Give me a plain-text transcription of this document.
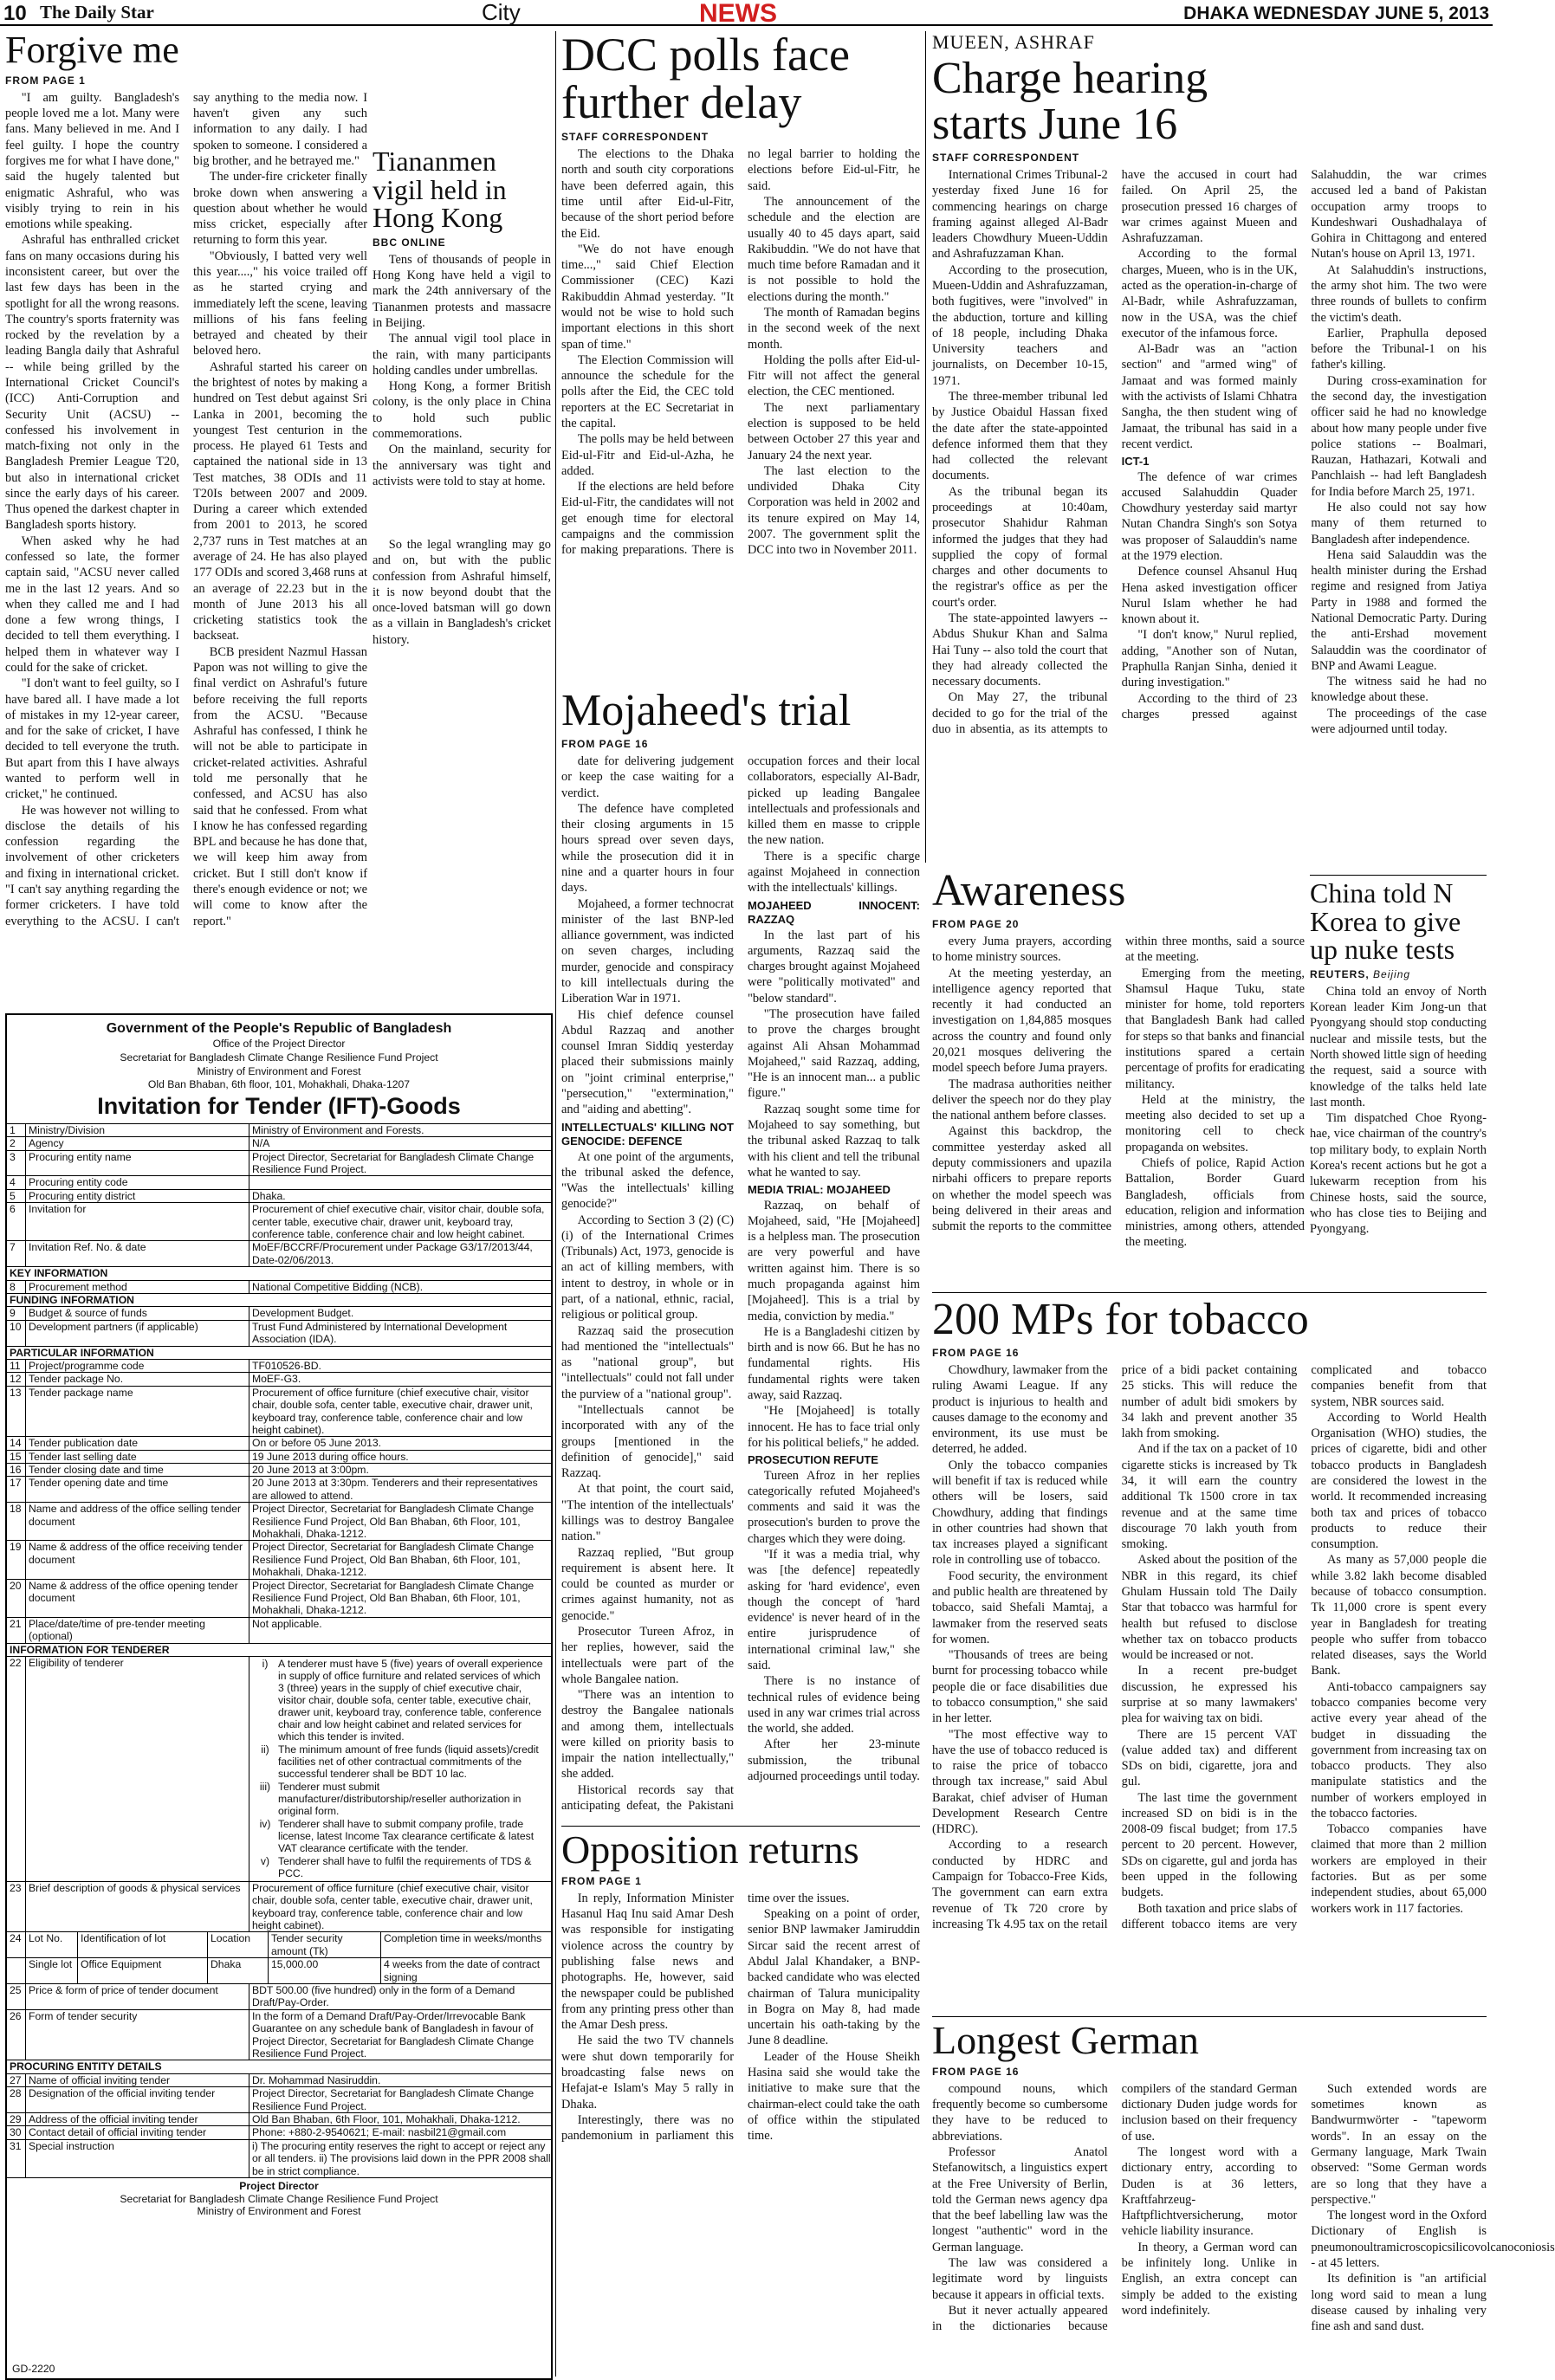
10 The Daily Star	City	NEWS	DHAKA WEDNESDAY JUNE 5, 2013
Forgive me
FROM PAGE 1

"I am guilty. Bangladesh's people loved me a lot. Many were fans. Many believed in me. And I feel guilty. I hope the country forgives me for what I have done," said the hugely talented but enigmatic Ashraful, who was visibly trying to rein in his emotions while speaking.

Ashraful has enthralled cricket fans on many occasions during his inconsistent career, but over the last few days has been in the spotlight for all the wrong reasons. The country's sports fraternity was rocked by the revelation by a leading Bangla daily that Ashraful -- while being grilled by the International Cricket Council's (ICC) Anti-Corruption and Security Unit (ACSU) -- confessed his involvement in match-fixing not only in the Bangladesh Premier League T20, but also in international cricket since the early days of his career. Thus opened the darkest chapter in Bangladesh sports history.

When asked why he had confessed so late, the former captain said, "ACSU never called me in the last 12 years. And so when they called me and I had done a few wrong things, I decided to tell them everything. I helped them in whatever way I could for the sake of cricket.

"I don't want to feel guilty, so I have bared all. I have made a lot of mistakes in my 12-year career, and for the sake of cricket, I have decided to tell everyone the truth. But apart from this I have always wanted to perform well in cricket," he continued.

He was however not willing to disclose the details of his confession regarding the involvement of other cricketers and fixing in international cricket. "I can't say anything regarding the former cricketers. I have told everything to the ACSU. I can't say anything to the media now. I haven't given any such information to any daily. I had spoken to someone. I considered a big brother, and he betrayed me."

The under-fire cricketer finally broke down when answering a question about whether he would miss cricket, especially after returning to form this year.

"Obviously, I batted very well this year....," his voice trailed off as he started crying and immediately left the scene, leaving millions of his fans feeling betrayed and cheated by their beloved hero.

Ashraful started his career on the brightest of notes by making a hundred on Test debut against Sri Lanka in 2001, becoming the youngest Test centurion in the process. He played 61 Tests and captained the national side in 13 Test matches, 38 ODIs and 11 T20Is between 2007 and 2009. During a career which extended from 2001 to 2013, he scored 2,737 runs in Test matches at an average of 24. He has also played 177 ODIs and scored 3,468 runs at an average of 22.23 but in the month of June 2013 his all cricketing statistics took the backseat.

BCB president Nazmul Hassan Papon was not willing to give the final verdict on Ashraful's future before receiving the full reports from the ACSU. "Because Ashraful has confessed, I think he will not be able to participate in cricket-related activities. Ashraful told me personally that he confessed, and ACSU has also said that he confessed. From what I know he has confessed regarding BPL and because he has done that, we will keep him away from cricket. But I still don't know if there's enough evidence or not; we will come to know after the report."

So the legal wrangling may go and on, but with the public confession from Ashraful himself, it is now beyond doubt that the once-loved batsman will go down as a villain in Bangladesh's cricket history.

Tiananmen vigil held in Hong Kong
BBC ONLINE

Tens of thousands of people in Hong Kong have held a vigil to mark the 24th anniversary of the Tiananmen protests and massacre in Beijing.

The annual vigil tool place in the rain, with many participants holding candles under umbrellas.

Hong Kong, a former British colony, is the only place in China to hold such public commemorations.

On the mainland, security for the anniversary was tight and activists were told to stay at home.

Government of the People's Republic of Bangladesh
Office of the Project Director
Secretariat for Bangladesh Climate Change Resilience Fund Project
Ministry of Environment and Forest
Old Ban Bhaban, 6th floor, 101, Mohakhali, Dhaka-1207
Invitation for Tender (IFT)-Goods
1	Ministry/Division	Ministry of Environment and Forests.
2	Agency	N/A
3	Procuring entity name	Project Director, Secretariat for Bangladesh Climate Change Resilience Fund Project.
4	Procuring entity code
5	Procuring entity district	Dhaka.
6	Invitation for	Procurement of chief executive chair, visitor chair, double sofa, center table, executive chair, drawer unit, keyboard tray, conference table, conference chair and low height cabinet.
7	Invitation Ref. No. & date	MoEF/BCCRF/Procurement under Package G3/17/2013/44, Date-02/06/2013.
KEY INFORMATION
8	Procurement method	National Competitive Bidding (NCB).
FUNDING INFORMATION
9	Budget & source of funds	Development Budget.
10 Development partners (if applicable)	Trust Fund Administered by International Development Association (IDA).
PARTICULAR INFORMATION
11 Project/programme code	TF010526-BD.
12 Tender package No.	MoEF-G3.
13 Tender package name	Procurement of office furniture (chief executive chair, visitor chair, double sofa, center table, executive chair, drawer unit, keyboard tray, conference table, conference chair and low height cabinet).
14 Tender publication date	On or before 05 June 2013.
15 Tender last selling date	19 June 2013 during office hours.
16 Tender closing date and time	20 June 2013 at 3:00pm.
17 Tender opening date and time	20 June 2013 at 3:30pm. Tenderers and their representatives are allowed to attend.
18 Name and address of the office selling tender document
Project Director, Secretariat for Bangladesh Climate Change Resilience Fund Project, Old Ban Bhaban, 6th Floor, 101, Mohakhali, Dhaka-1212.
19 Name & address of the office receiving tender document
Project Director, Secretariat for Bangladesh Climate Change Resilience Fund Project, Old Ban Bhaban, 6th Floor, 101, Mohakhali, Dhaka-1212.
20 Name & address of the office opening tender document
Project Director, Secretariat for Bangladesh Climate Change Resilience Fund Project, Old Ban Bhaban, 6th Floor, 101, Mohakhali, Dhaka-1212.
21 Place/date/time of pre-tender meeting (optional)
Not applicable.
INFORMATION FOR TENDERER
22 Eligibility of tenderer	i) A tenderer must have 5 (five) years of overall experience in supply of office furniture and related services of which 3 (three) years in the supply of chief executive chair, visitor chair, double sofa, center table, executive chair, drawer unit, keyboard tray, conference table, conference chair and low height cabinet and related services for which this tender is invited.
ii) The minimum amount of free funds (liquid assets)/credit facilities net of other contractual commitments of the successful tenderer shall be BDT 10 lac.
iii) Tenderer must submit manufacturer/distributorship/reseller authorization in original form.
iv) Tenderer shall have to submit company profile, trade license, latest Income Tax clearance certificate & latest VAT clearance certificate with the tender.
v) Tenderer shall have to fulfil the requirements of TDS & PCC.
23 Brief description of goods & physical services	Procurement of office furniture (chief executive chair, visitor chair, double sofa, center table, executive chair, drawer unit, keyboard tray, conference table, conference chair and low height cabinet).
24 Lot No.	Identification of lot	Location	Tender security amount (Tk)
Completion time in weeks/months
Single lot Office Equipment	Dhaka	15,000.00	4 weeks from the date of contract signing
25 Price & form of price of tender document	BDT 500.00 (five hundred) only in the form of a Demand Draft/Pay-Order.
26 Form of tender security	In the form of a Demand Draft/Pay-Order/Irrevocable Bank Guarantee on any schedule bank of Bangladesh in favour of Project Director, Secretariat for Bangladesh Climate Change Resilience Fund Project.
PROCURING ENTITY DETAILS
27 Name of official inviting tender	Dr. Mohammad Nasiruddin.
28 Designation of the official inviting tender	Project Director, Secretariat for Bangladesh Climate Change Resilience Fund Project.
29 Address of the official inviting tender	Old Ban Bhaban, 6th Floor, 101, Mohakhali, Dhaka-1212.
30 Contact detail of official inviting tender	Phone: +880-2-9540621; E-mail: nasbil21@gmail.com
31 Special instruction	i) The procuring entity reserves the right to accept or reject any or all tenders. ii) The provisions laid down in the PPR 2008 shall be in strict compliance.
Project Director
Secretariat for Bangladesh Climate Change Resilience Fund Project
Ministry of Environment and Forest
GD-2220
DCC polls face further delay
STAFF CORRESPONDENT

The elections to the Dhaka north and south city corporations have been deferred again, this time until after Eid-ul-Fitr, because of the short period before the Eid.

"We do not have enough time...," said Chief Election Commissioner (CEC) Kazi Rakibuddin Ahmad yesterday. "It would not be wise to hold such important elections in this short span of time."

The Election Commission will announce the schedule for the polls after the Eid, the CEC told reporters at the EC Secretariat in the capital.

The polls may be held between Eid-ul-Fitr and Eid-ul-Azha, he added.

If the elections are held before Eid-ul-Fitr, the candidates will not get enough time for electoral campaigns and the commission for making preparations. There is no legal barrier to holding the elections before Eid-ul-Fitr, he said.

The announcement of the schedule and the election are usually 40 to 45 days apart, said Rakibuddin. "We do not have that much time before Ramadan and it is not possible to hold the elections during the month."

The month of Ramadan begins in the second week of the next month.

Holding the polls after Eid-ul-Fitr will not affect the general election, the CEC mentioned.

The next parliamentary election is supposed to be held between October 27 this year and January 24 the next year.

The last election to the undivided Dhaka City Corporation was held in 2002 and its tenure expired on May 14, 2007. The government split the DCC into two in November 2011.

MUEEN, ASHRAF
Charge hearing starts June 16
STAFF CORRESPONDENT

International Crimes Tribunal-2 yesterday fixed June 16 for commencing hearings on charge framing against alleged Al-Badr leaders Chowdhury Mueen-Uddin and Ashrafuzzaman Khan.

According to the prosecution, Mueen-Uddin and Ashrafuzzaman, both fugitives, were "involved" in the abduction, torture and killing of 18 people, including Dhaka University teachers and journalists, on December 10-15, 1971.

The three-member tribunal led by Justice Obaidul Hassan fixed the date after the state-appointed defence informed them that they had collected the relevant documents.

As the tribunal began its proceedings at 10:40am, prosecutor Shahidur Rahman informed the judges that they had supplied the copy of formal charges and other documents to the registrar's office as per the court's order.

The state-appointed lawyers -- Abdus Shukur Khan and Salma Hai Tuny -- also told the court that they had already collected the necessary documents.

On May 27, the tribunal decided to go for the trial of the duo in absentia, as its attempts to have the accused in court had failed. On April 25, the prosecution pressed 16 charges of war crimes against Mueen and Ashrafuzzaman.

According to the formal charges, Mueen, who is in the UK, acted as the operation-in-charge of Al-Badr, while Ashrafuzzaman, now in the USA, was the chief executor of the infamous force.

Al-Badr was an "action section" and "armed wing" of Jamaat and was formed mainly with the activists of Islami Chhatra Sangha, the then student wing of Jamaat, the tribunal has said in a recent verdict.

ICT-1

The defence of war crimes accused Salahuddin Quader Chowdhury yesterday said martyr Nutan Chandra Singh's son Sotya was proposer of Salauddin's name at the 1979 election.

Defence counsel Ahsanul Huq Hena asked investigation officer Nurul Islam whether he had known about it.

"I don't know," Nurul replied, adding, "Another son of Nutan, Praphulla Ranjan Sinha, denied it during investigation."

According to the third of 23 charges pressed against Salahuddin, the war crimes accused led a band of Pakistan occupation army troops to Kundeshwari Oushadhalaya of Gohira in Chittagong and entered Nutan's house on April 13, 1971.

At Salahuddin's instructions, the army shot him. The two were three rounds of bullets to confirm the victim's death.

Earlier, Praphulla deposed before the Tribunal-1 on his father's killing.

During cross-examination for the second day, the investigation officer said he had no knowledge about how many people under five police stations -- Boalmari, Rauzan, Hathazari, Kotwali and Panchlaish -- had left Bangladesh for India before March 25, 1971.

He also could not say how many of them returned to Bangladesh after independence.

Hena said Salauddin was the health minister during the Ershad regime and resigned from Jatiya Party in 1988 and formed the National Democratic Party. During the anti-Ershad movement Salauddin was the coordinator of BNP and Awami League.

The witness said he had no knowledge about these.

The proceedings of the case were adjourned until today.

Mojaheed's trial
FROM PAGE 16

date for delivering judgement or keep the case waiting for a verdict.

The defence have completed their closing arguments in 15 hours spread over seven days, while the prosecution did it in nine and a quarter hours in four days.

Mojaheed, a former technocrat minister of the last BNP-led alliance government, was indicted on seven charges, including murder, genocide and conspiracy to kill intellectuals during the Liberation War in 1971.

His chief defence counsel Abdul Razzaq and another counsel Imran Siddiq yesterday placed their submissions mainly on "joint criminal enterprise," "persecution," "extermination," and "aiding and abetting".

INTELLECTUALS' KILLING NOT GENOCIDE: DEFENCE

At one point of the arguments, the tribunal asked the defence, "Was the intellectuals' killing genocide?"

According to Section 3 (2) (C) (i) of the International Crimes (Tribunals) Act, 1973, genocide is an act of killing members, with intent to destroy, in whole or in part, of a national, ethnic, racial, religious or political group.

Razzaq said the prosecution had mentioned the "intellectuals" as "national group", but "intellectuals" could not fall under the purview of a "national group".

"Intellectuals cannot be incorporated with any of the groups [mentioned in the definition of genocide]," said Razzaq.

At that point, the court said, "The intention of the intellectuals' killings was to destroy Bangalee nation."

Razzaq replied, "But group requirement is absent here. It could be counted as murder or crimes against humanity, not as genocide."

Prosecutor Tureen Afroz, in her replies, however, said the intellectuals were part of the whole Bangalee nation.

"There was an intention to destroy the Bangalee nationals and among them, intellectuals were killed on priority basis to impair the nation intellectually," she added.

Historical records say that anticipating defeat, the Pakistani occupation forces and their local collaborators, especially Al-Badr, picked up leading Bangalee intellectuals and professionals and killed them en masse to cripple the new nation.

There is a specific charge against Mojaheed in connection with the intellectuals' killings.

MOJAHEED INNOCENT: RAZZAQ

In the last part of his arguments, Razzaq said the charges brought against Mojaheed were "politically motivated" and "below standard".

"The prosecution have failed to prove the charges brought against Ali Ahsan Mohammad Mojaheed," said Razzaq, adding, "He is an innocent man... a public figure."

Razzaq sought some time for Mojaheed to say something, but the tribunal asked Razzaq to talk with his client and tell the tribunal what he wanted to say.

MEDIA TRIAL: MOJAHEED

Razzaq, on behalf of Mojaheed, said, "He [Mojaheed] is a helpless man. The prosecution are very powerful and have written against him. There is so much propaganda against him [Mojaheed]. This is a trial by media, conviction by media."

He is a Bangladeshi citizen by birth and is now 66. But he has no fundamental rights. His fundamental rights were taken away, said Razzaq.

"He [Mojaheed] is totally innocent. He has to face trial only for his political beliefs," he added.

PROSECUTION REFUTE

Tureen Afroz in her replies categorically refuted Mojaheed's comments and said it was the prosecution's burden to prove the charges which they were doing.

"If it was a media trial, why was [the defence] repeatedly asking for 'hard evidence', even though the concept of 'hard evidence' is never heard of in the entire jurisprudence of international criminal law," she said.

There is no instance of technical rules of evidence being used in any war crimes trial across the world, she added.

After her 23-minute submission, the tribunal adjourned proceedings until today.

Awareness
FROM PAGE 20

every Juma prayers, according to home ministry sources.

At the meeting yesterday, an intelligence agency reported that recently it had conducted an investigation on 1,84,885 mosques across the country and found only 20,021 mosques delivering the model speech before Juma prayers.

The madrasa authorities neither deliver the speech nor do they play the national anthem before classes.

Against this backdrop, the committee yesterday asked all deputy commissioners and upazila nirbahi officers to prepare reports on whether the model speech was being delivered in their areas and submit the reports to the committee within three months, said a source at the meeting.

Emerging from the meeting, Shamsul Haque Tuku, state minister for home, told reporters that Bangladesh Bank had called for steps so that banks and financial institutions spared a certain percentage of profits for eradicating militancy.

Held at the ministry, the meeting also decided to set up a monitoring cell to check propaganda on websites.

Chiefs of police, Rapid Action Battalion, Border Guard Bangladesh, officials from education, religion and information ministries, among others, attended the meeting.

China told N Korea to give up nuke tests
REUTERS, Beijing

China told an envoy of North Korean leader Kim Jong-un that Pyongyang should stop conducting nuclear and missile tests, but the North showed little sign of heeding the request, said a source with knowledge of the talks held late last month.

Tim dispatched Choe Ryong-hae, vice chairman of the country's top military body, to explain North Korea's recent actions but he got a lukewarm reception from his Chinese hosts, said the source, who has close ties to Beijing and Pyongyang.

200 MPs for tobacco
FROM PAGE 16

Chowdhury, lawmaker from the ruling Awami League. If any product is injurious to health and causes damage to the economy and environment, its use must be deterred, he added.

Only the tobacco companies will benefit if tax is reduced while others will be losers, said Chowdhury, adding that findings in other countries had shown that tax increases played a significant role in controlling use of tobacco.

Food security, the environment and public health are threatened by tobacco, said Shefali Mamtaj, a lawmaker from the reserved seats for women.

"Thousands of trees are being burnt for processing tobacco while people die or face disabilities due to tobacco consumption," she said in her letter.

"The most effective way to have the use of tobacco reduced is to raise the price of tobacco through tax increase," said Abul Barakat, chief adviser of Human Development Research Centre (HDRC).

According to a research conducted by HDRC and Campaign for Tobacco-Free Kids, The government can earn extra revenue of Tk 720 crore by increasing Tk 4.95 tax on the retail price of a bidi packet containing 25 sticks. This will reduce the number of adult bidi smokers by 34 lakh and prevent another 35 lakh from smoking.

And if the tax on a packet of 10 cigarette sticks is increased by Tk 34, it will earn the country additional Tk 1500 crore in tax revenue and at the same time discourage 70 lakh youth from smoking.

Asked about the position of the NBR in this regard, its chief Ghulam Hussain told The Daily Star that tobacco was harmful for health but refused to disclose whether tax on tobacco products would be increased or not.

In a recent pre-budget discussion, he expressed his surprise at so many lawmakers' plea for waiving tax on bidi.

There are 15 percent VAT (value added tax) and different SDs on bidi, cigarette, jora and gul.

The last time the government increased SD on bidi is in the 2008-09 fiscal budget; from 17.5 percent to 20 percent. However, SDs on cigarette, gul and jorda has been upped in the following budgets.

Both taxation and price slabs of different tobacco items are very complicated and tobacco companies benefit from that system, NBR sources said.

According to World Health Organisation (WHO) studies, the prices of cigarette, bidi and other tobacco products in Bangladesh are considered the lowest in the world. It recommended increasing both tax and prices of tobacco products to reduce their consumption.

As many as 57,000 people die while 3.82 lakh become disabled because of tobacco consumption. Tk 11,000 crore is spent every year in Bangladesh for treating people who suffer from tobacco related diseases, says the World Bank.

Anti-tobacco campaigners say tobacco companies become very active every year ahead of the budget in dissuading the government from increasing tax on tobacco products. They also manipulate statistics and the number of workers employed in the tobacco factories.

Tobacco companies have claimed that more than 2 million workers are employed in their factories. But as per some independent studies, about 65,000 workers work in 117 factories.

Opposition returns
FROM PAGE 1

In reply, Information Minister Hasanul Haq Inu said Amar Desh was responsible for instigating violence across the country by publishing false news and photographs. He, however, said the newspaper could be published from any printing press other than the Amar Desh press.

He said the two TV channels were shut down temporarily for broadcasting false news on Hefajat-e Islam's May 5 rally in Dhaka.

Interestingly, there was no pandemonium in parliament this time over the issues.

Speaking on a point of order, senior BNP lawmaker Jamiruddin Sircar said the recent arrest of Abdul Jalal Khandaker, a BNP-backed candidate who was elected chairman of Talura municipality in Bogra on May 8, had made uncertain his oath-taking by the June 8 deadline.

Leader of the House Sheikh Hasina said she would take the initiative to make sure that the chairman-elect could take the oath of office within the stipulated time.

Longest German
FROM PAGE 16

compound nouns, which frequently become so cumbersome they have to be reduced to abbreviations.

Professor Anatol Stefanowitsch, a linguistics expert at the Free University of Berlin, told the German news agency dpa that the beef labelling law was the longest "authentic" word in the German language.

The law was considered a legitimate word by linguists because it appears in official texts.

But it never actually appeared in the dictionaries because compilers of the standard German dictionary Duden judge words for inclusion based on their frequency of use.

The longest word with a dictionary entry, according to Duden is at 36 letters, Kraftfahrzeug-Haftpflichtversicherung, motor vehicle liability insurance.

In theory, a German word can be infinitely long. Unlike in English, an extra concept can simply be added to the existing word indefinitely.

Such extended words are sometimes known as Bandwurmwörter - "tapeworm words". In an essay on the Germany language, Mark Twain observed: "Some German words are so long that they have a perspective."

The longest word in the Oxford Dictionary of English is pneumonoultramicroscopicsilicovolcanoconiosis - at 45 letters.

Its definition is "an artificial long word said to mean a lung disease caused by inhaling very fine ash and sand dust.
